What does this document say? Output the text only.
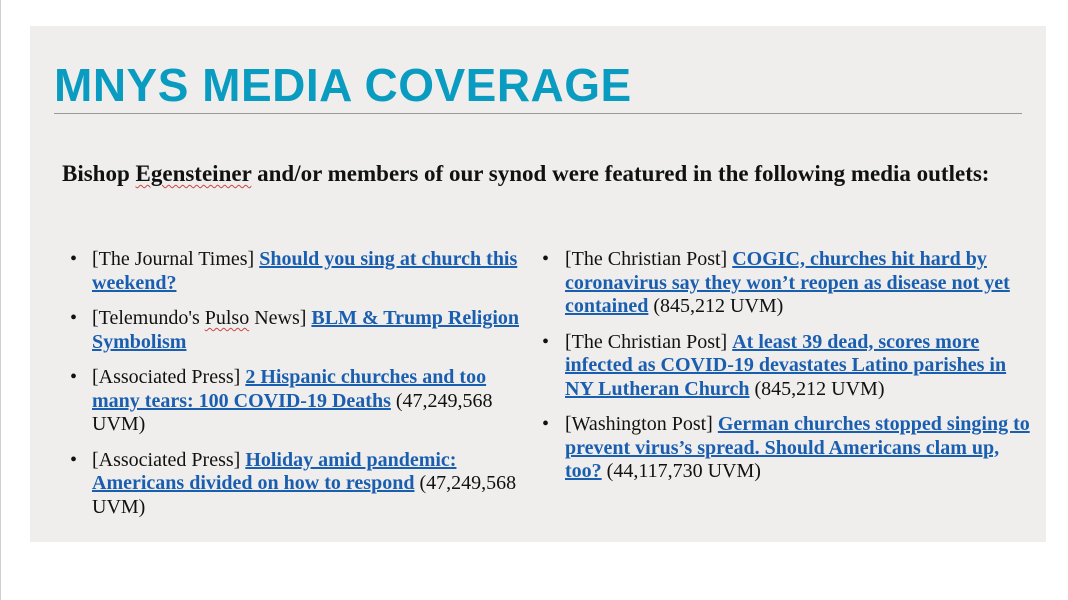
MNYS MEDIA COVERAGE

Bishop Egensteiner and/or members of our synod were featured in the following media outlets:

• [The Journal Times] Should you sing at church this weekend?
• [Telemundo's Pulso News] BLM & Trump Religion Symbolism
• [Associated Press] 2 Hispanic churches and too many tears: 100 COVID-19 Deaths (47,249,568 UVM)
• [Associated Press] Holiday amid pandemic: Americans divided on how to respond (47,249,568 UVM)
• [The Christian Post] COGIC, churches hit hard by coronavirus say they won’t reopen as disease not yet contained (845,212 UVM)
• [The Christian Post] At least 39 dead, scores more infected as COVID-19 devastates Latino parishes in NY Lutheran Church (845,212 UVM)
• [Washington Post] German churches stopped singing to prevent virus’s spread. Should Americans clam up, too? (44,117,730 UVM)
